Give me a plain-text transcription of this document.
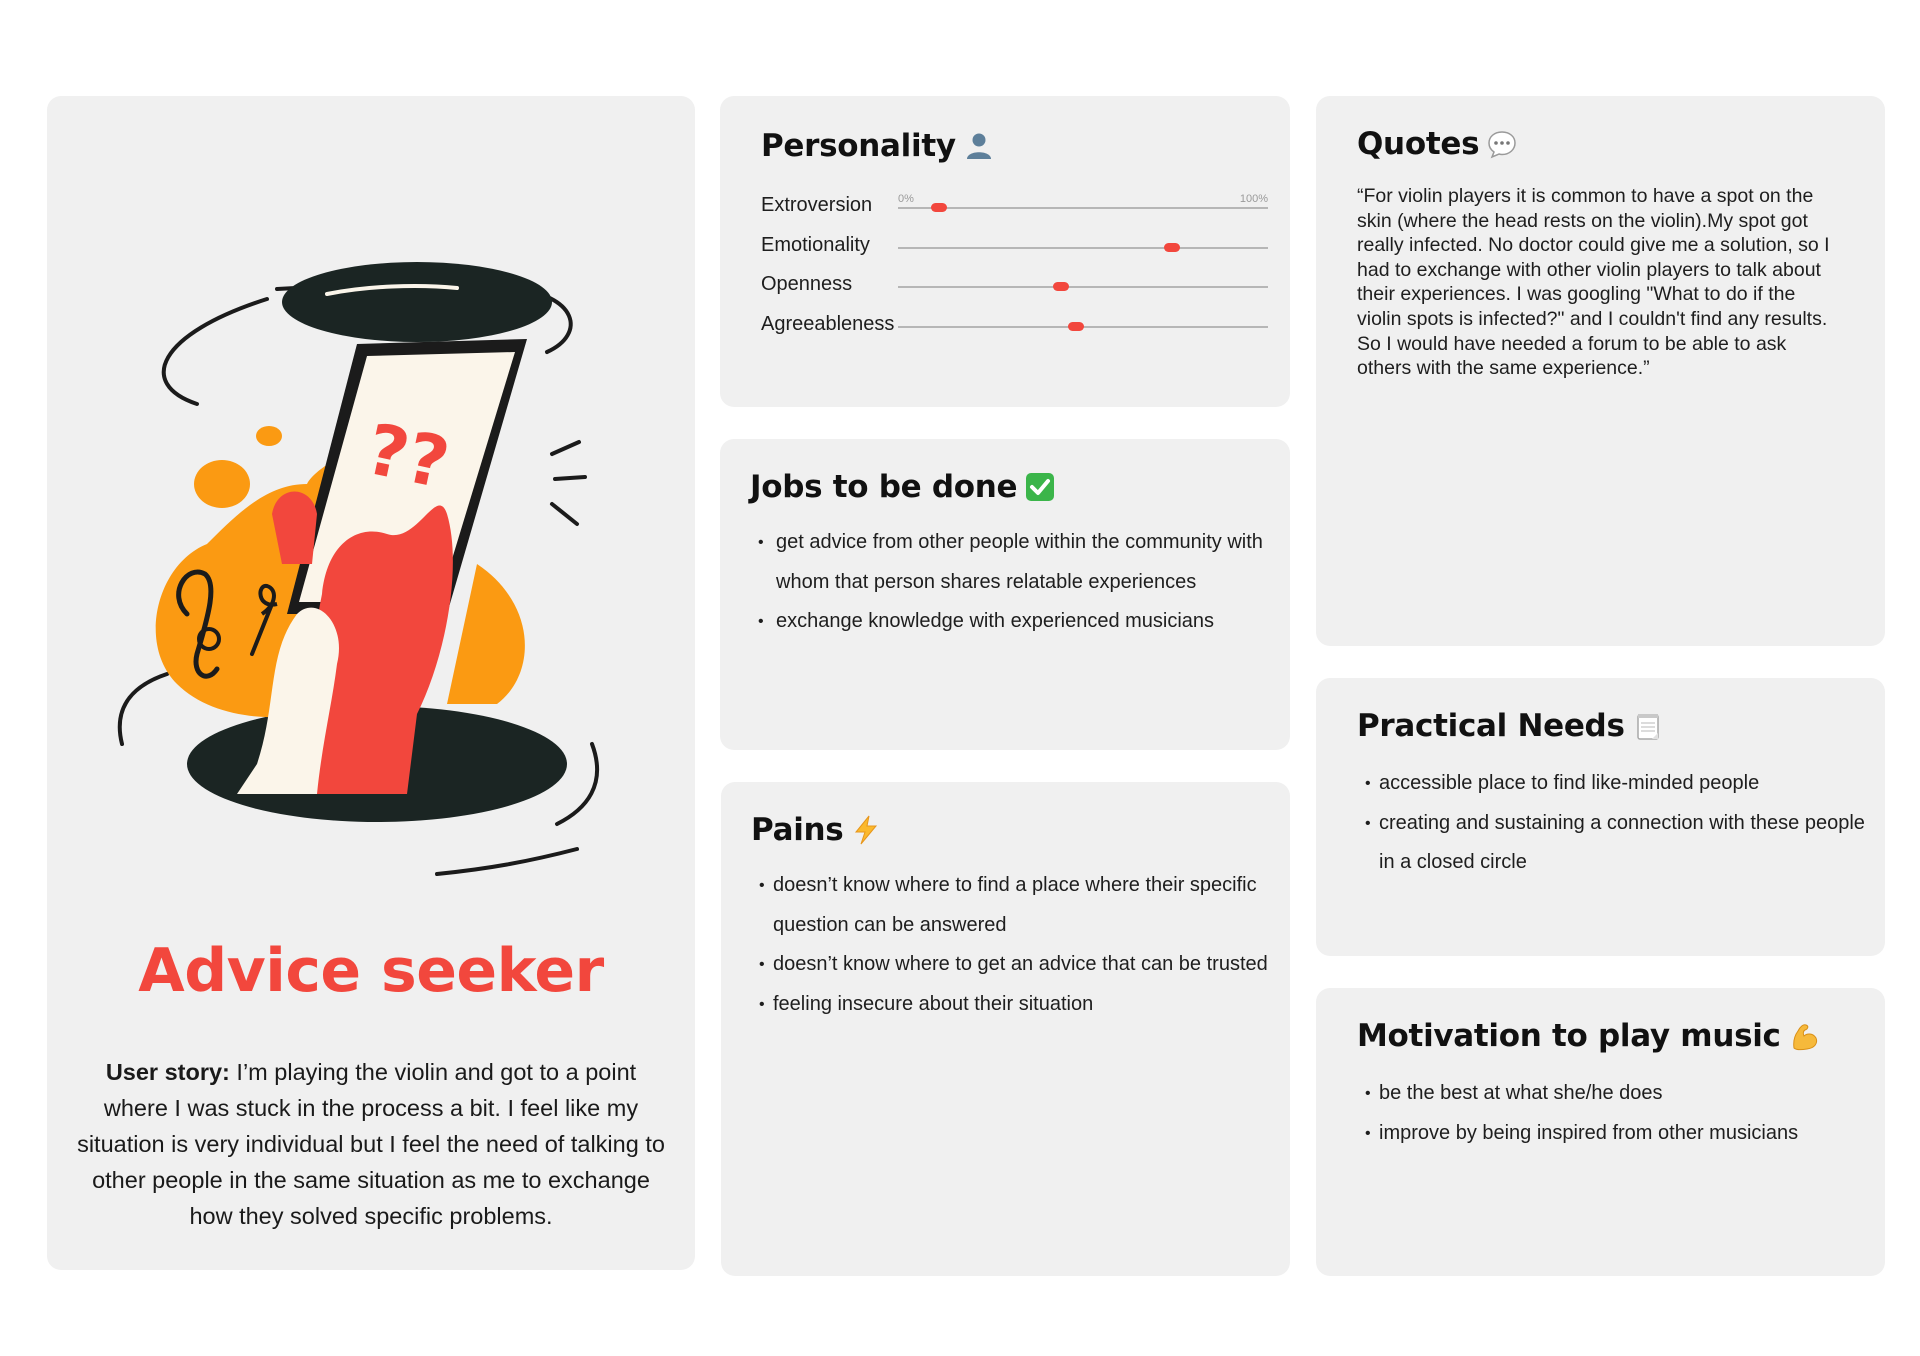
??
Advice seeker
User story: I’m playing the violin and got to a point where I was stuck in the process a bit. I feel like my situation is very individual but I feel the need of talking to other people in the same situation as me to exchange how they solved specific problems.
Personality
Extroversion 0%	100%
Emotionality
Openness
Agreeableness
Jobs to be done
• get advice from other people within the community with whom that person shares relatable experiences
• exchange knowledge with experienced musicians
Pains
• doesn’t know where to find a place where their specific question can be answered
• doesn’t know where to get an advice that can be trusted
• feeling insecure about their situation
Quotes
“For violin players it is common to have a spot on the skin (where the head rests on the violin).My spot got really infected. No doctor could give me a solution, so I had to exchange with other violin players to talk about their experiences. I was googling "What to do if the violin spots is infected?" and I couldn't find any results.
So I would have needed a forum to be able to ask others with the same experience.”
Practical Needs
• accessible place to find like-minded people
• creating and sustaining a connection with these people in a closed circle
Motivation to play music
• be the best at what she/he does
• improve by being inspired from other musicians
